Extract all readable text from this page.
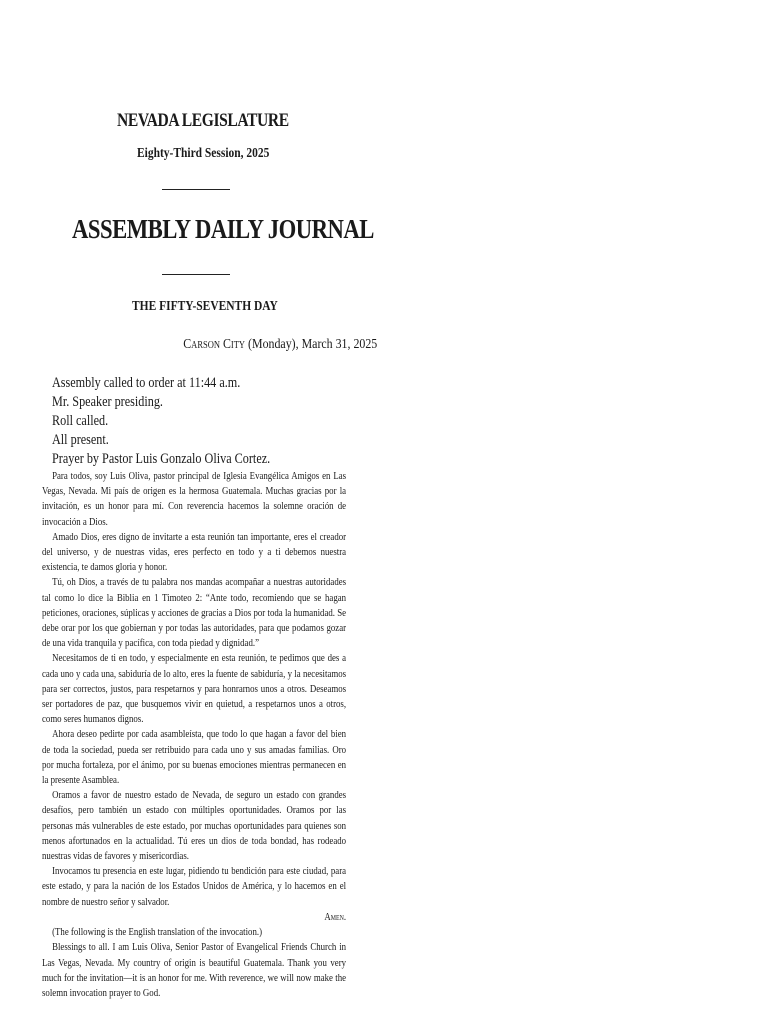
NEVADA LEGISLATURE
Eighty-Third Session, 2025
ASSEMBLY DAILY JOURNAL
THE FIFTY-SEVENTH DAY
Carson City (Monday), March 31, 2025
Assembly called to order at 11:44 a.m.
Mr. Speaker presiding.
Roll called.
All present.
Prayer by Pastor Luis Gonzalo Oliva Cortez.

Para todos, soy Luis Oliva, pastor principal de Iglesia Evangélica Amigos en Las Vegas, Nevada. Mi país de origen es la hermosa Guatemala. Muchas gracias por la invitación, es un honor para mí. Con reverencia hacemos la solemne oración de invocación a Dios.

Amado Dios, eres digno de invitarte a esta reunión tan importante, eres el creador del universo, y de nuestras vidas, eres perfecto en todo y a ti debemos nuestra existencia, te damos gloria y honor.

Tú, oh Dios, a través de tu palabra nos mandas acompañar a nuestras autoridades tal como lo dice la Biblia en 1 Timoteo 2: “Ante todo, recomiendo que se hagan peticiones, oraciones, súplicas y acciones de gracias a Dios por toda la humanidad. Se debe orar por los que gobiernan y por todas las autoridades, para que podamos gozar de una vida tranquila y pacífica, con toda piedad y dignidad.”

Necesitamos de ti en todo, y especialmente en esta reunión, te pedimos que des a cada uno y cada una, sabiduría de lo alto, eres la fuente de sabiduría, y la necesitamos para ser correctos, justos, para respetarnos y para honrarnos unos a otros. Deseamos ser portadores de paz, que busquemos vivir en quietud, a respetarnos unos a otros, como seres humanos dignos.

Ahora deseo pedirte por cada asambleísta, que todo lo que hagan a favor del bien de toda la sociedad, pueda ser retribuido para cada uno y sus amadas familias. Oro por mucha fortaleza, por el ánimo, por su buenas emociones mientras permanecen en la presente Asamblea.

Oramos a favor de nuestro estado de Nevada, de seguro un estado con grandes desafíos, pero también un estado con múltiples oportunidades. Oramos por las personas más vulnerables de este estado, por muchas oportunidades para quienes son menos afortunados en la actualidad. Tú eres un dios de toda bondad, has rodeado nuestras vidas de favores y misericordias.

Invocamos tu presencia en este lugar, pidiendo tu bendición para este ciudad, para este estado, y para la nación de los Estados Unidos de América, y lo hacemos en el nombre de nuestro señor y salvador.

Amen.

(The following is the English translation of the invocation.)

Blessings to all. I am Luis Oliva, Senior Pastor of Evangelical Friends Church in Las Vegas, Nevada. My country of origin is beautiful Guatemala. Thank you very much for the invitation—it is an honor for me. With reverence, we will now make the solemn invocation prayer to God.
